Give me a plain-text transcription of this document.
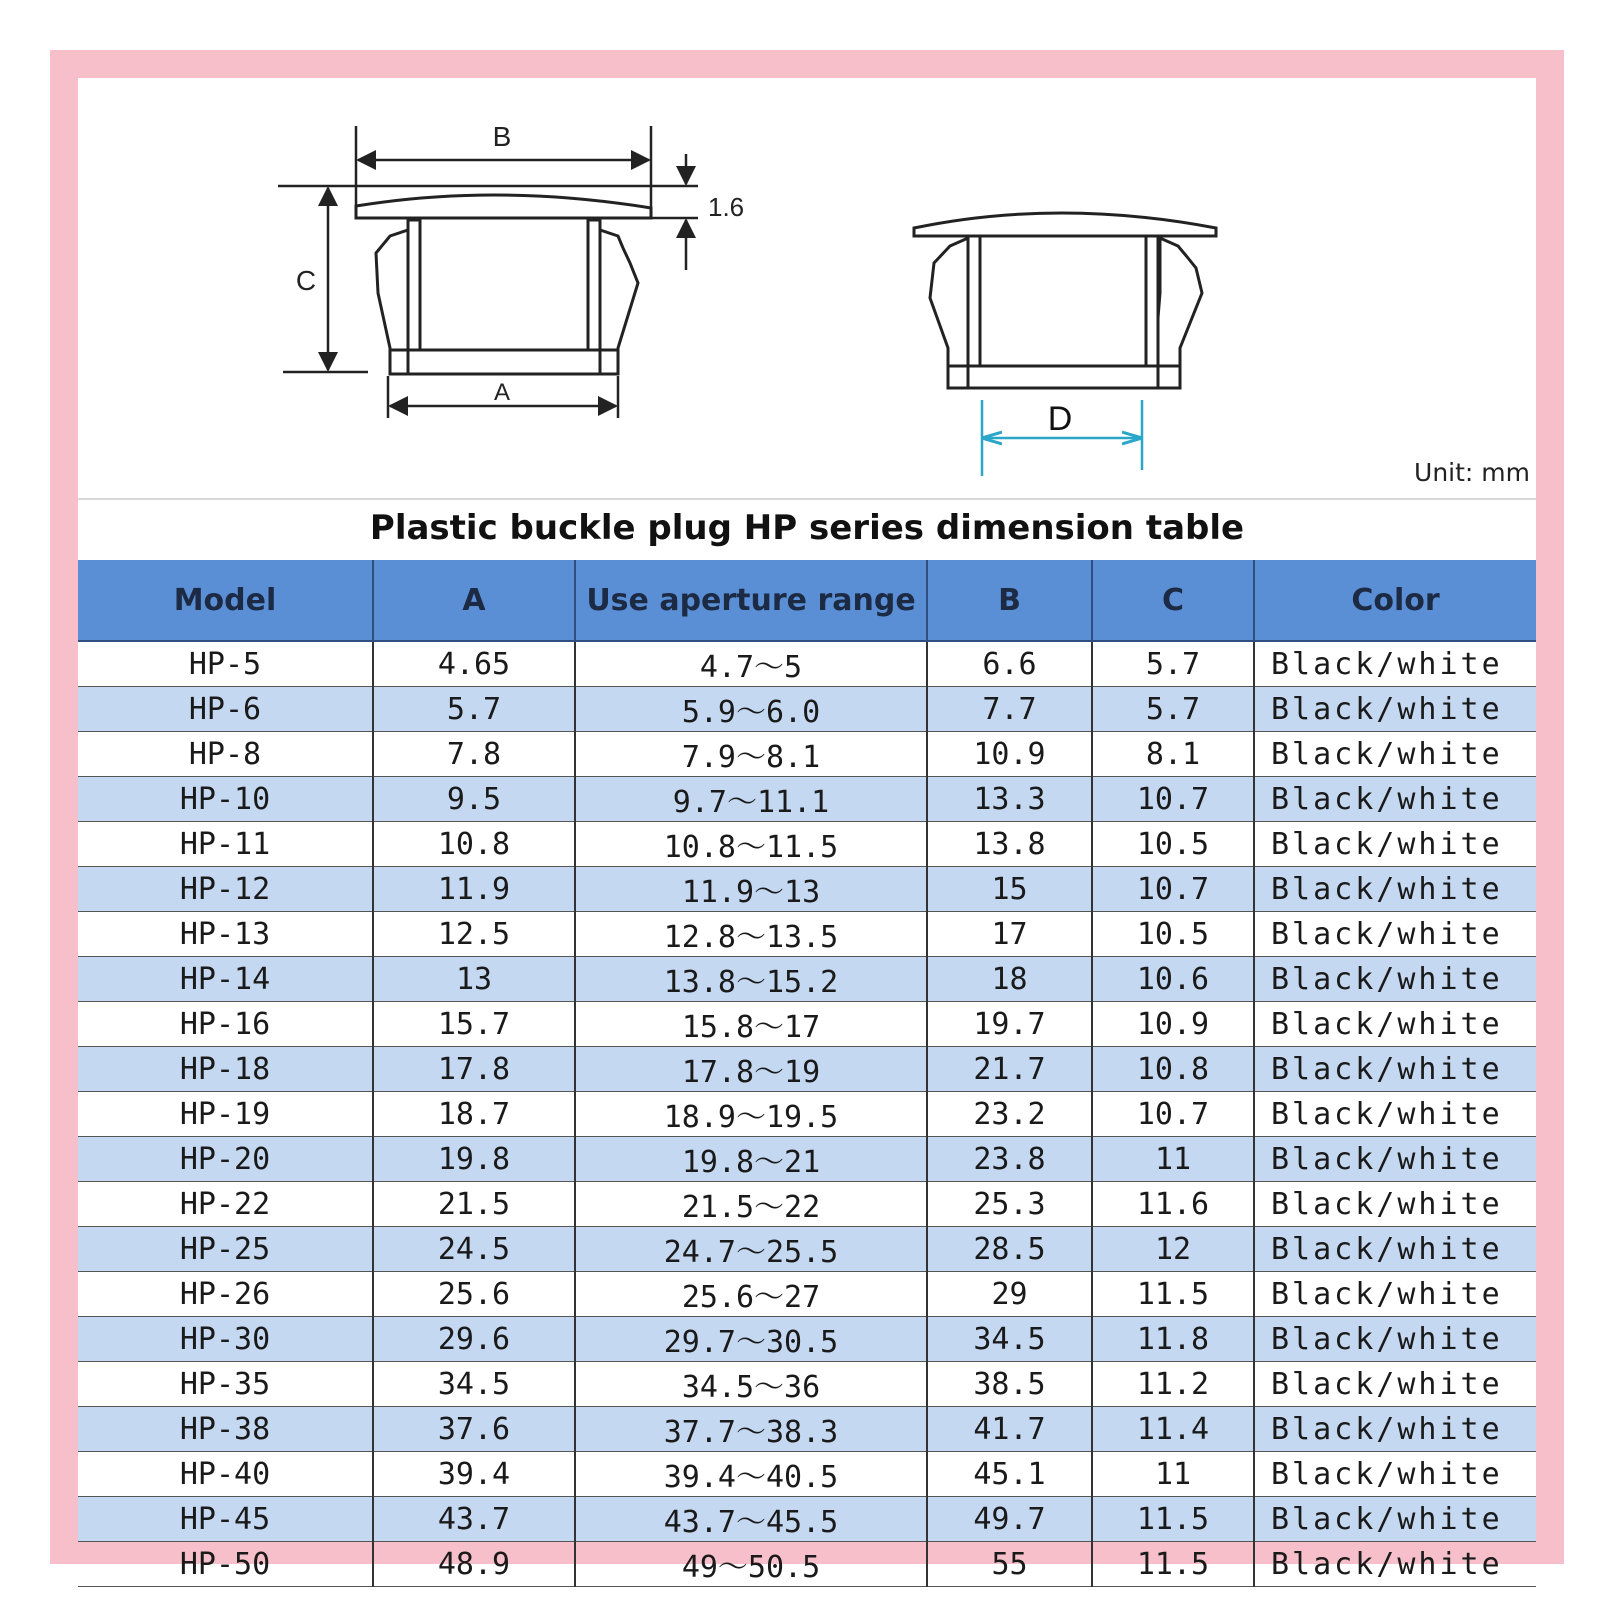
B
C
A
1.6
D
Unit: mm
Plastic buckle plug HP series dimension table
Model	A	Use aperture range	B	C	Color
HP-5	4.65	4.7～5	6.6	5.7	Black/white
HP-6	5.7	5.9～6.0	7.7	5.7	Black/white
HP-8	7.8	7.9～8.1	10.9	8.1	Black/white
HP-10	9.5	9.7～11.1	13.3	10.7	Black/white
HP-11	10.8	10.8～11.5	13.8	10.5	Black/white
HP-12	11.9	11.9～13	15	10.7	Black/white
HP-13	12.5	12.8～13.5	17	10.5	Black/white
HP-14	13	13.8～15.2	18	10.6	Black/white
HP-16	15.7	15.8～17	19.7	10.9	Black/white
HP-18	17.8	17.8～19	21.7	10.8	Black/white
HP-19	18.7	18.9～19.5	23.2	10.7	Black/white
HP-20	19.8	19.8～21	23.8	11	Black/white
HP-22	21.5	21.5～22	25.3	11.6	Black/white
HP-25	24.5	24.7～25.5	28.5	12	Black/white
HP-26	25.6	25.6～27	29	11.5	Black/white
HP-30	29.6	29.7～30.5	34.5	11.8	Black/white
HP-35	34.5	34.5～36	38.5	11.2	Black/white
HP-38	37.6	37.7～38.3	41.7	11.4	Black/white
HP-40	39.4	39.4～40.5	45.1	11	Black/white
HP-45	43.7	43.7～45.5	49.7	11.5	Black/white
HP-50	48.9	49～50.5	55	11.5	Black/white
